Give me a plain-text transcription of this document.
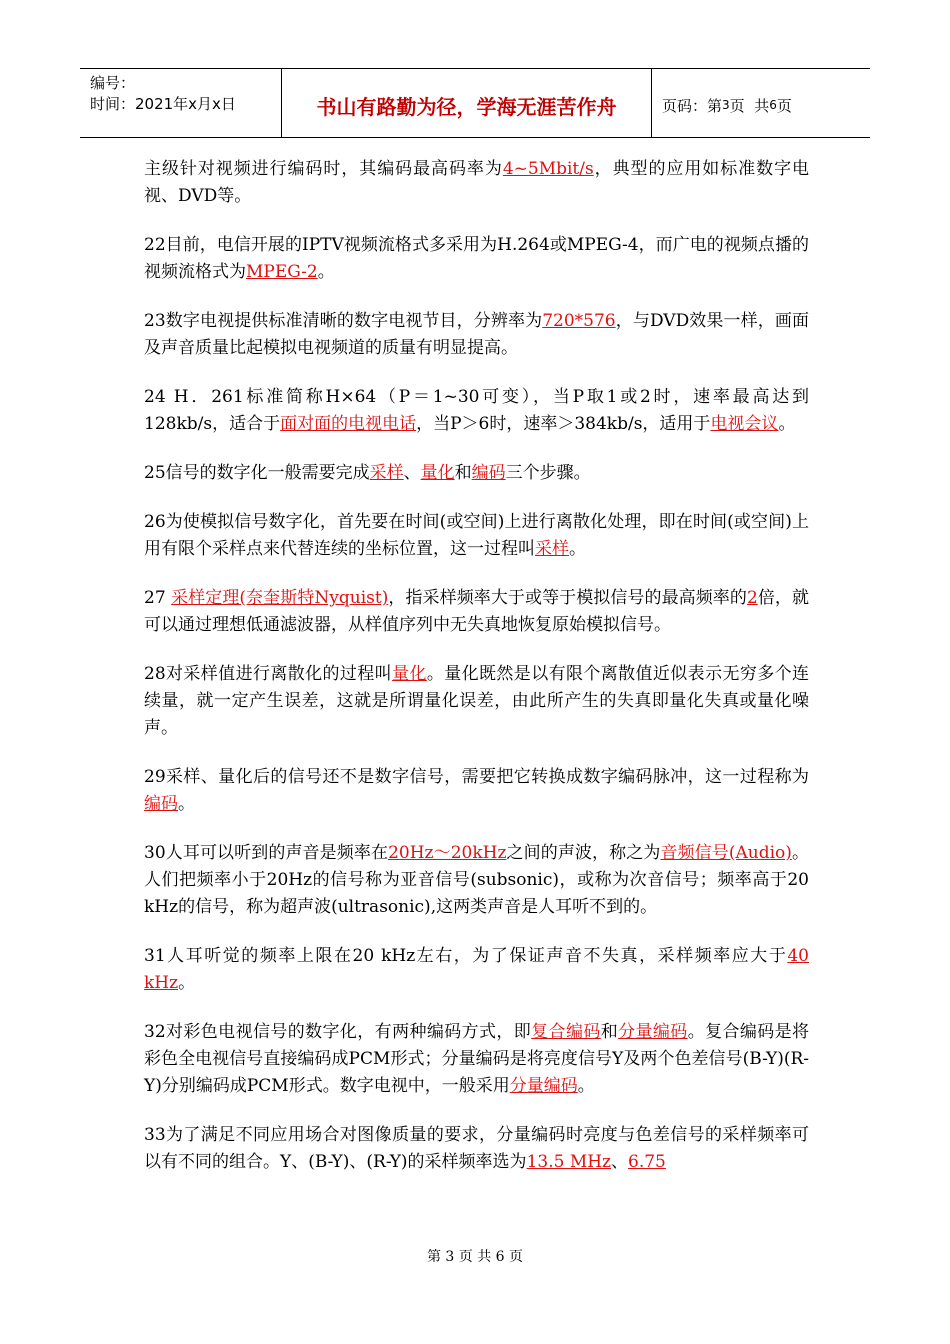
编号：
时间：2021年x月x日	书山有路勤为径，学海无涯苦作舟	页码：第 3 页  共 6 页

主级针对视频进行编码时，其编码最高码率为4~5Mbit/s，典型的应用如标准数字电视、DVD等。

22目前，电信开展的IPTV视频流格式多采用为H.264或MPEG-4，而广电的视频点播的视频流格式为MPEG-2。

23数字电视提供标准清晰的数字电视节目，分辨率为720*576，与DVD效果一样，画面及声音质量比起模拟电视频道的质量有明显提高。

24 H．261标准简称H×64（P＝1~30可变），当P取1或2时，速率最高达到128kb/s，适合于面对面的电视电话，当P＞6时，速率＞384kb/s，适用于电视会议。

25信号的数字化一般需要完成采样、量化和编码三个步骤。

26为使模拟信号数字化，首先要在时间(或空间)上进行离散化处理，即在时间(或空间)上用有限个采样点来代替连续的坐标位置，这一过程叫采样。

27 采样定理(奈奎斯特Nyquist)，指采样频率大于或等于模拟信号的最高频率的2倍，就可以通过理想低通滤波器，从样值序列中无失真地恢复原始模拟信号。

28对采样值进行离散化的过程叫量化。量化既然是以有限个离散值近似表示无穷多个连续量，就一定产生误差，这就是所谓量化误差，由此所产生的失真即量化失真或量化噪声。

29采样、量化后的信号还不是数字信号，需要把它转换成数字编码脉冲，这一过程称为编码。

30人耳可以听到的声音是频率在20Hz～20kHz之间的声波，称之为音频信号(Audio)。人们把频率小于20Hz的信号称为亚音信号(subsonic)，或称为次音信号；频率高于20 kHz的信号，称为超声波(ultrasonic),这两类声音是人耳听不到的。

31人耳听觉的频率上限在20 kHz左右，为了保证声音不失真，采样频率应大于40 kHz。

32对彩色电视信号的数字化，有两种编码方式，即复合编码和分量编码。复合编码是将彩色全电视信号直接编码成PCM形式；分量编码是将亮度信号Y及两个色差信号(B-Y)(R-Y)分别编码成PCM形式。数字电视中，一般采用分量编码。

33为了满足不同应用场合对图像质量的要求，分量编码时亮度与色差信号的采样频率可以有不同的组合。Y、(B-Y)、(R-Y)的采样频率选为13.5 MHz、6.75

第 3 页 共 6 页
